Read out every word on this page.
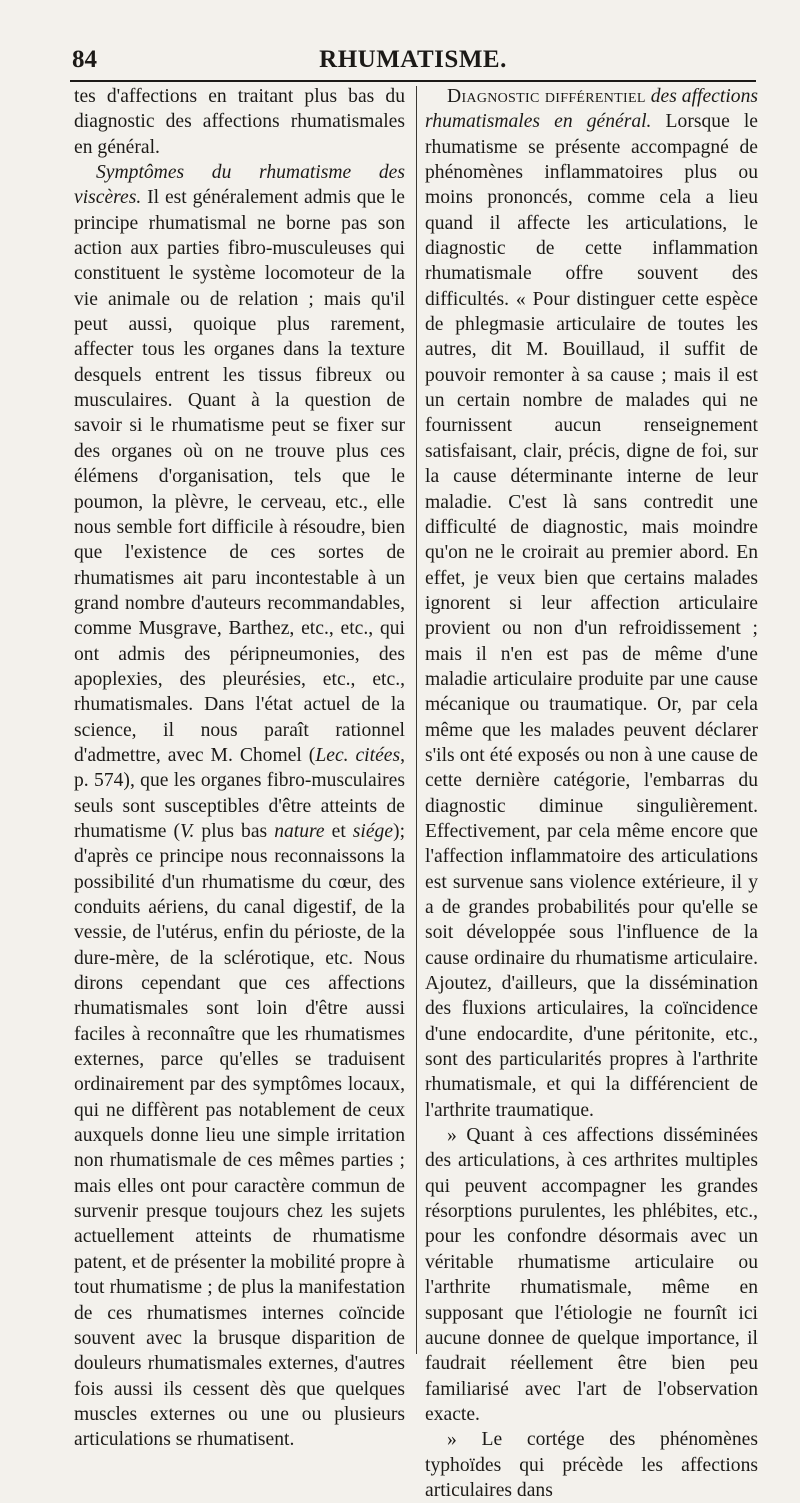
84	RHUMATISME.

tes d'affections en traitant plus bas du diagnostic des affections rhumatismales en général.

Symptômes du rhumatisme des viscères. Il est généralement admis que le principe rhumatismal ne borne pas son action aux parties fibro-musculeuses qui constituent le système locomoteur de la vie animale ou de relation ; mais qu'il peut aussi, quoique plus rarement, affecter tous les organes dans la texture desquels entrent les tissus fibreux ou musculaires. Quant à la question de savoir si le rhumatisme peut se fixer sur des organes où on ne trouve plus ces élémens d'organisation, tels que le poumon, la plèvre, le cerveau, etc., elle nous semble fort difficile à résoudre, bien que l'existence de ces sortes de rhumatismes ait paru incontestable à un grand nombre d'auteurs recommandables, comme Musgrave, Barthez, etc., etc., qui ont admis des péripneumonies, des apoplexies, des pleurésies, etc., etc., rhumatismales. Dans l'état actuel de la science, il nous paraît rationnel d'admettre, avec M. Chomel (Lec. citées, p. 574), que les organes fibro-musculaires seuls sont susceptibles d'être atteints de rhumatisme (V. plus bas nature et siége); d'après ce principe nous reconnaissons la possibilité d'un rhumatisme du cœur, des conduits aériens, du canal digestif, de la vessie, de l'utérus, enfin du périoste, de la dure-mère, de la sclérotique, etc. Nous dirons cependant que ces affections rhumatismales sont loin d'être aussi faciles à reconnaître que les rhumatismes externes, parce qu'elles se traduisent ordinairement par des symptômes locaux, qui ne diffèrent pas notablement de ceux auxquels donne lieu une simple irritation non rhumatismale de ces mêmes parties ; mais elles ont pour caractère commun de survenir presque toujours chez les sujets actuellement atteints de rhumatisme patent, et de présenter la mobilité propre à tout rhumatisme ; de plus la manifestation de ces rhumatismes internes coïncide souvent avec la brusque disparition de douleurs rhumatismales externes, d'autres fois aussi ils cessent dès que quelques muscles externes ou une ou plusieurs articulations se rhumatisent.

Diagnostic différentiel des affections rhumatismales en général. Lorsque le rhumatisme se présente accompagné de phénomènes inflammatoires plus ou moins prononcés, comme cela a lieu quand il affecte les articulations, le diagnostic de cette inflammation rhumatismale offre souvent des difficultés. « Pour distinguer cette espèce de phlegmasie articulaire de toutes les autres, dit M. Bouillaud, il suffit de pouvoir remonter à sa cause ; mais il est un certain nombre de malades qui ne fournissent aucun renseignement satisfaisant, clair, précis, digne de foi, sur la cause déterminante interne de leur maladie. C'est là sans contredit une difficulté de diagnostic, mais moindre qu'on ne le croirait au premier abord. En effet, je veux bien que certains malades ignorent si leur affection articulaire provient ou non d'un refroidissement ; mais il n'en est pas de même d'une maladie articulaire produite par une cause mécanique ou traumatique. Or, par cela même que les malades peuvent déclarer s'ils ont été exposés ou non à une cause de cette dernière catégorie, l'embarras du diagnostic diminue singulièrement. Effectivement, par cela même encore que l'affection inflammatoire des articulations est survenue sans violence extérieure, il y a de grandes probabilités pour qu'elle se soit développée sous l'influence de la cause ordinaire du rhumatisme articulaire. Ajoutez, d'ailleurs, que la dissémination des fluxions articulaires, la coïncidence d'une endocardite, d'une péritonite, etc., sont des particularités propres à l'arthrite rhumatismale, et qui la différencient de l'arthrite traumatique.

» Quant à ces affections disséminées des articulations, à ces arthrites multiples qui peuvent accompagner les grandes résorptions purulentes, les phlébites, etc., pour les confondre désormais avec un véritable rhumatisme articulaire ou l'arthrite rhumatismale, même en supposant que l'étiologie ne fournît ici aucune donnee de quelque importance, il faudrait réellement être bien peu familiarisé avec l'art de l'observation exacte.

» Le cortége des phénomènes typhoïdes qui précède les affections articulaires dans
